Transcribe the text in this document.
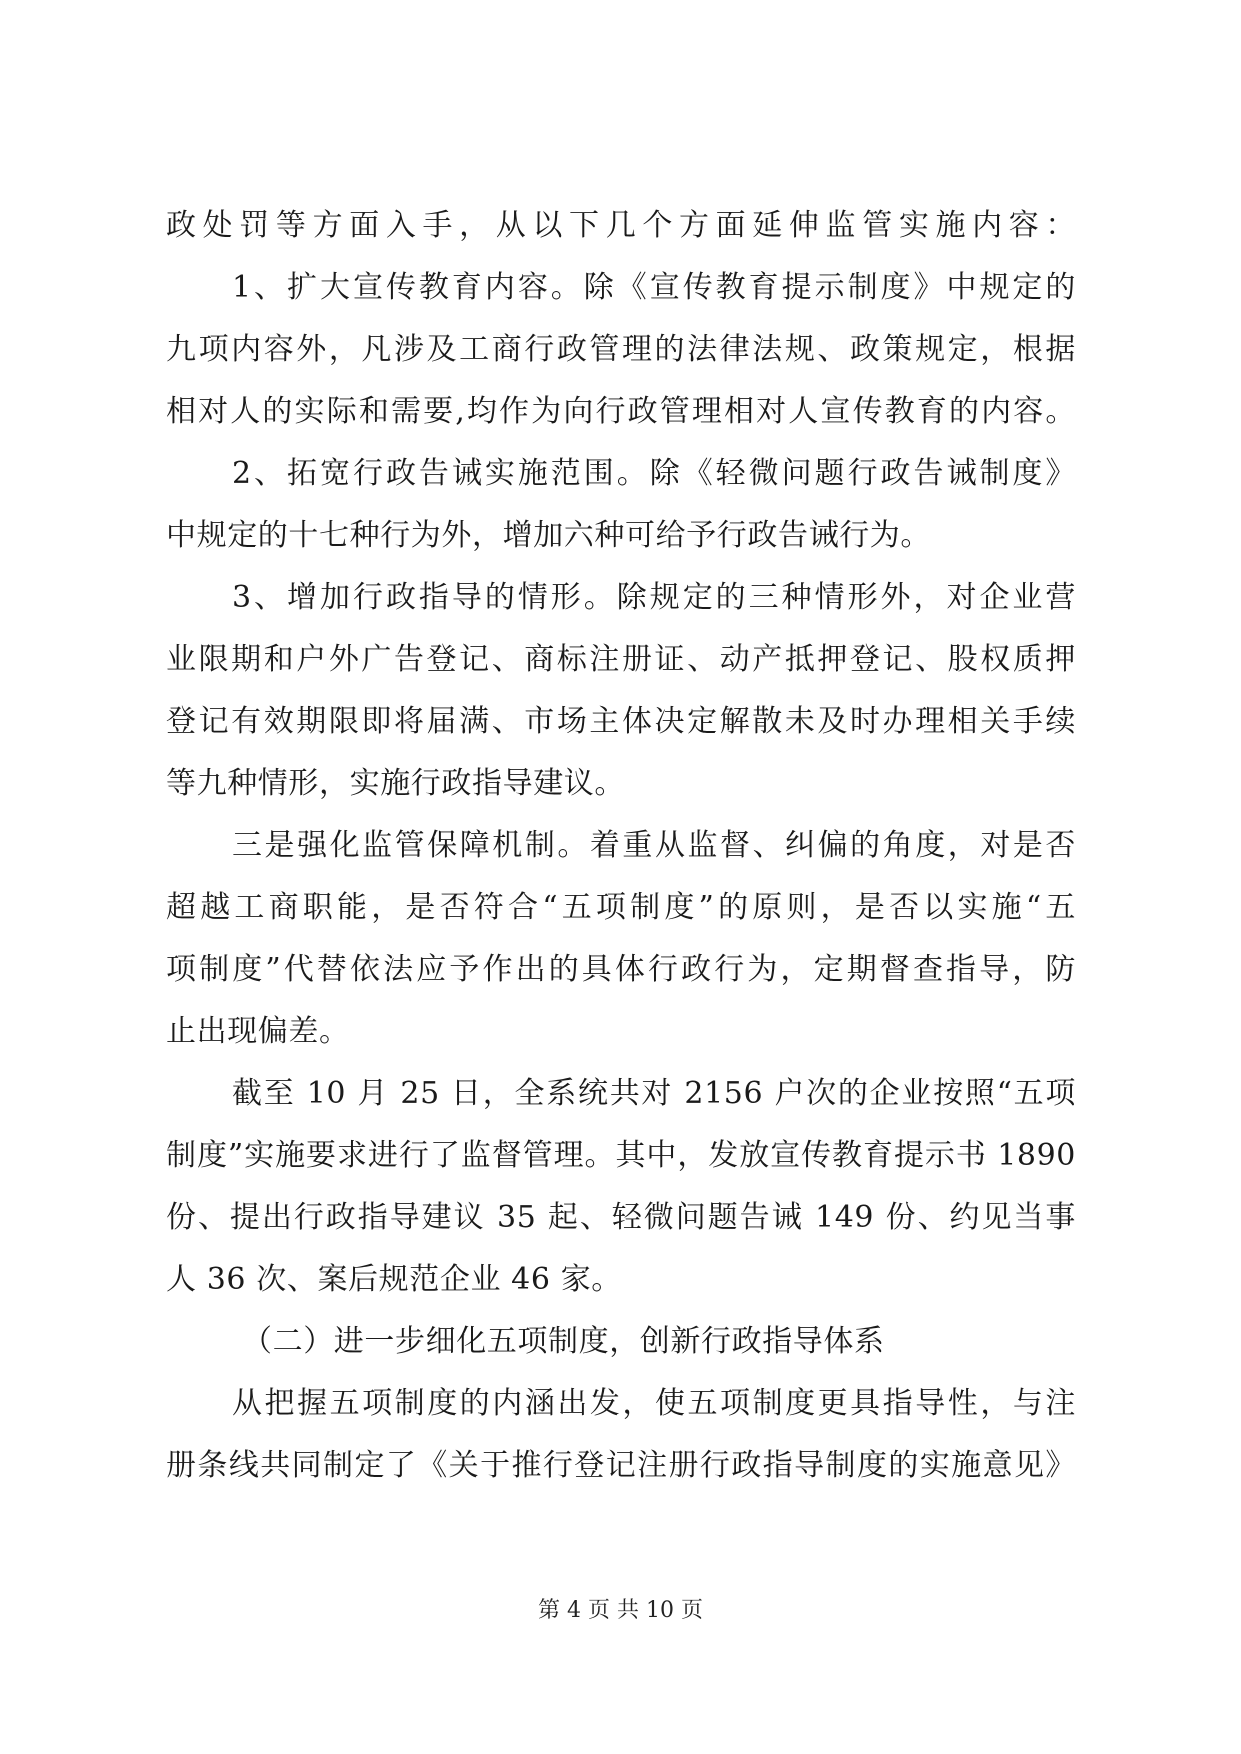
政处罚等方面入手，从以下几个方面延伸监管实施内容：
1、扩大宣传教育内容。除《宣传教育提示制度》中规定的
九项内容外，凡涉及工商行政管理的法律法规、政策规定，根据
相对人的实际和需要,均作为向行政管理相对人宣传教育的内容。
2、拓宽行政告诫实施范围。除《轻微问题行政告诫制度》
中规定的十七种行为外，增加六种可给予行政告诫行为。
3、增加行政指导的情形。除规定的三种情形外，对企业营
业限期和户外广告登记、商标注册证、动产抵押登记、股权质押
登记有效期限即将届满、市场主体决定解散未及时办理相关手续
等九种情形，实施行政指导建议。
三是强化监管保障机制。着重从监督、纠偏的角度，对是否
超越工商职能，是否符合“五项制度”的原则，是否以实施“五
项制度”代替依法应予作出的具体行政行为，定期督查指导，防
止出现偏差。
截至 10 月 25 日，全系统共对 2156 户次的企业按照“五项
制度”实施要求进行了监督管理。其中，发放宣传教育提示书 1890
份、提出行政指导建议 35 起、轻微问题告诫 149 份、约见当事
人 36 次、案后规范企业 46 家。
（二）进一步细化五项制度，创新行政指导体系
从把握五项制度的内涵出发，使五项制度更具指导性，与注
册条线共同制定了《关于推行登记注册行政指导制度的实施意见》
第 4 页 共 10 页
